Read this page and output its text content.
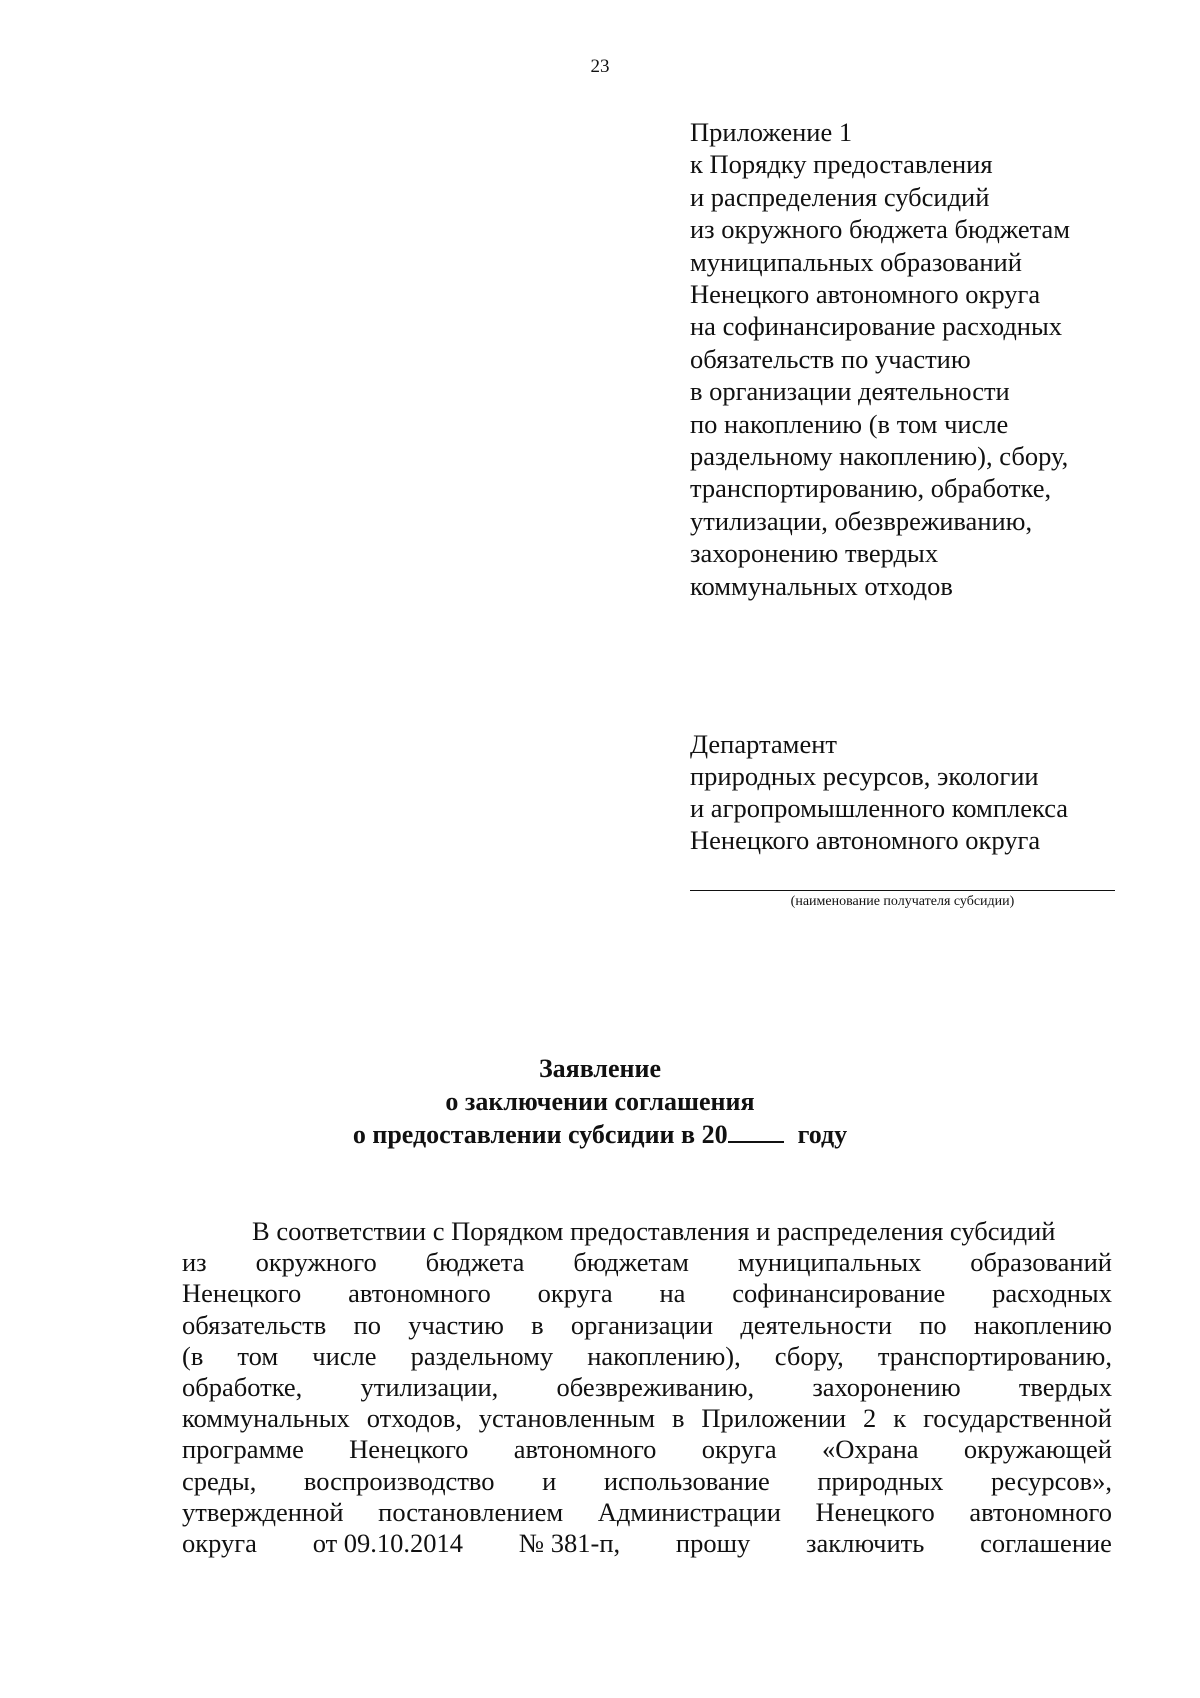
23
Приложение 1
к Порядку предоставления
и распределения субсидий
из окружного бюджета бюджетам
муниципальных образований
Ненецкого автономного округа
на софинансирование расходных
обязательств по участию
в организации деятельности
по накоплению (в том числе
раздельному накоплению), сбору,
транспортированию, обработке,
утилизации, обезвреживанию,
захоронению твердых
коммунальных отходов
Департамент
природных ресурсов, экологии
и агропромышленного комплекса
Ненецкого автономного округа
(наименование получателя субсидии)
Заявление
о заключении соглашения
о предоставлении субсидии в 20	году
В соответствии с Порядком предоставления и распределения субсидий
из окружного бюджета бюджетам муниципальных образований
Ненецкого автономного округа на софинансирование расходных
обязательств по участию в организации деятельности по накоплению
(в том числе раздельному накоплению), сбору, транспортированию,
обработке, утилизации, обезвреживанию, захоронению твердых
коммунальных отходов, установленным в Приложении 2 к государственной
программе Ненецкого автономного округа «Охрана окружающей
среды, воспроизводство и использование природных ресурсов»,
утвержденной постановлением Администрации Ненецкого автономного
округа от 09.10.2014 № 381-п, прошу заключить соглашение
